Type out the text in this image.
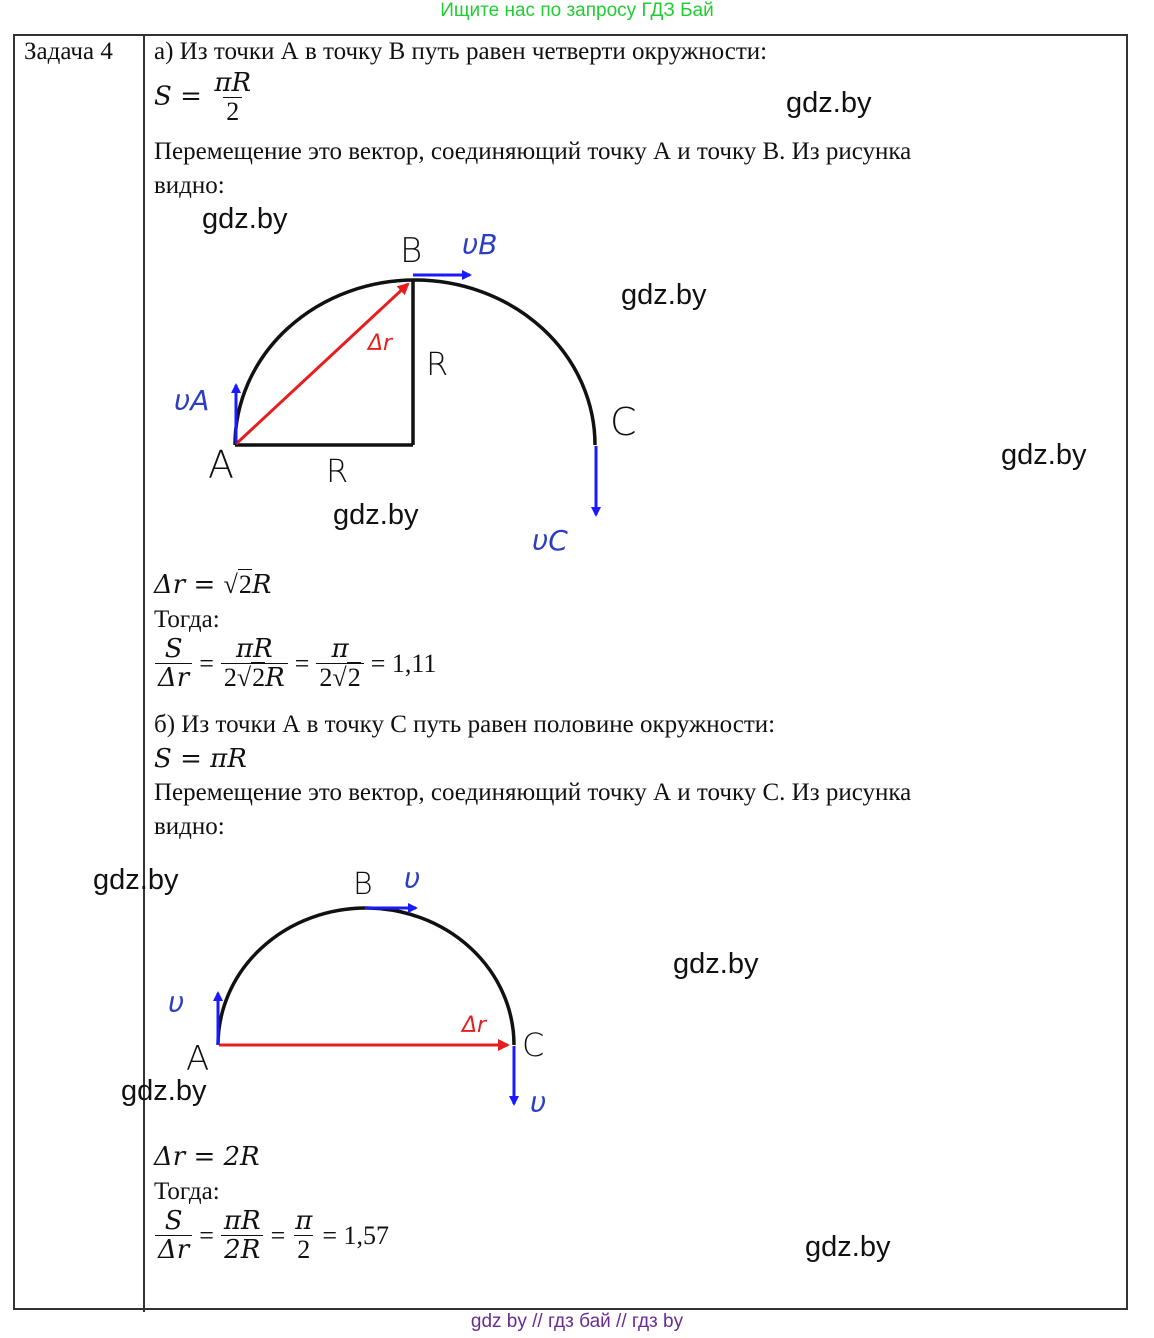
Ищите нас по запросу ГДЗ Бай
Задача 4 а) Из точки А в точку В путь равен четверти окружности:
$S = \frac{\pi R}{2}$
Перемещение это вектор, соединяющий точку А и точку В. Из рисунка
видно:
Δr = √2R
Тогда:
$\frac{S}{\Delta r} = \frac{\pi R}{2√2R} = \frac{\pi}{2√2} = 1,11$
б) Из точки А в точку С путь равен половине окружности:
S = πR
Перемещение это вектор, соединяющий точку А и точку С. Из рисунка
видно:
Δr = 2R
Тогда:
$\frac{S}{\Delta r} = \frac{\pi R}{2R} = \frac{\pi}{2} = 1,57$
A
B
C
R
R
υA
υB
υC
Δr
A
B
C
υ
υ
υ
Δr
gdz.by
gdz.by
gdz.by
gdz.by
gdz.by
gdz.by
gdz.by
gdz.by
gdz.by
gdz by // гдз бай // гдз by
